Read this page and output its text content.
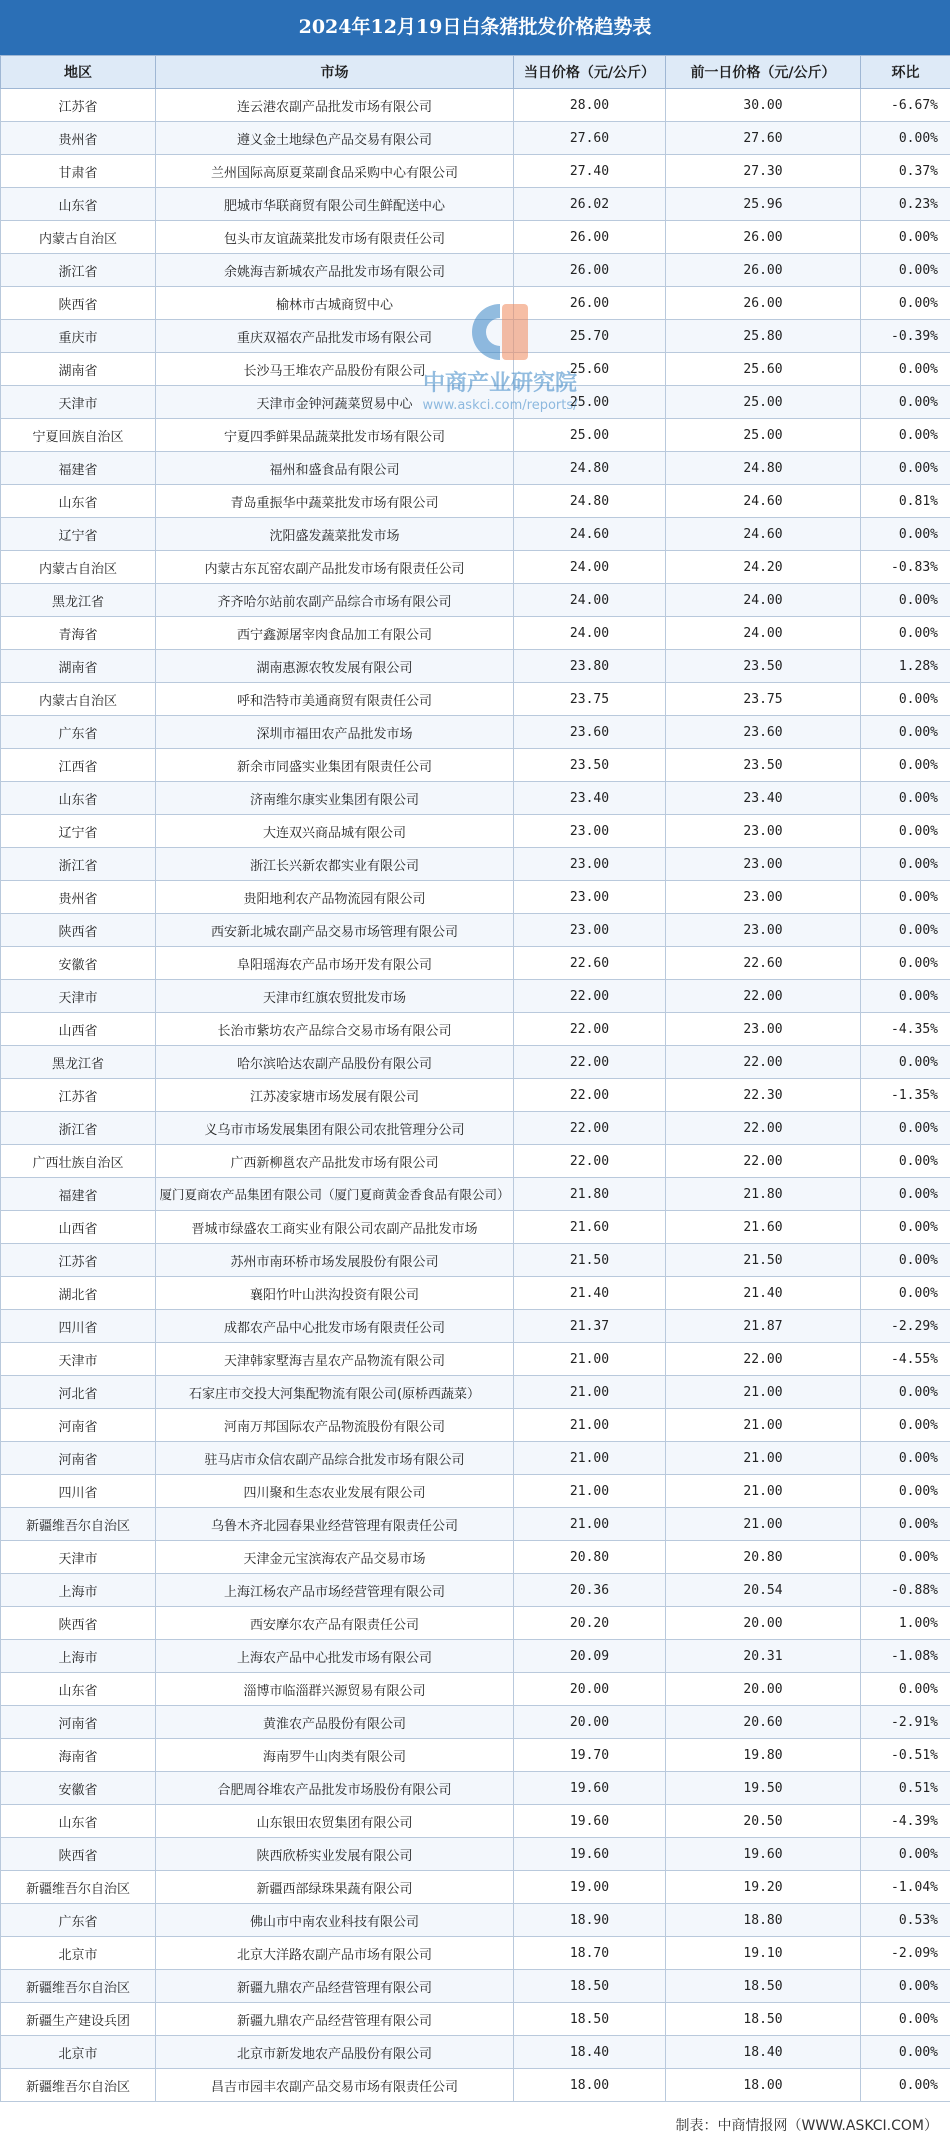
2024年12月19日白条猪批发价格趋势表
地区	市场	当日价格（元/公斤）	前一日价格（元/公斤）	环比
江苏省	连云港农副产品批发市场有限公司	28.00	30.00	-6.67%
贵州省	遵义金土地绿色产品交易有限公司	27.60	27.60	0.00%
甘肃省	兰州国际高原夏菜副食品采购中心有限公司	27.40	27.30	0.37%
山东省	肥城市华联商贸有限公司生鲜配送中心	26.02	25.96	0.23%
内蒙古自治区	包头市友谊蔬菜批发市场有限责任公司	26.00	26.00	0.00%
浙江省	余姚海吉新城农产品批发市场有限公司	26.00	26.00	0.00%
陕西省	榆林市古城商贸中心	26.00	26.00	0.00%
重庆市	重庆双福农产品批发市场有限公司	25.70	25.80	-0.39%
湖南省	长沙马王堆农产品股份有限公司	25.60	25.60	0.00%
天津市	天津市金钟河蔬菜贸易中心	25.00	25.00	0.00%
宁夏回族自治区	宁夏四季鲜果品蔬菜批发市场有限公司	25.00	25.00	0.00%
福建省	福州和盛食品有限公司	24.80	24.80	0.00%
山东省	青岛重振华中蔬菜批发市场有限公司	24.80	24.60	0.81%
辽宁省	沈阳盛发蔬菜批发市场	24.60	24.60	0.00%
内蒙古自治区	内蒙古东瓦窑农副产品批发市场有限责任公司	24.00	24.20	-0.83%
黑龙江省	齐齐哈尔站前农副产品综合市场有限公司	24.00	24.00	0.00%
青海省	西宁鑫源屠宰肉食品加工有限公司	24.00	24.00	0.00%
湖南省	湖南惠源农牧发展有限公司	23.80	23.50	1.28%
内蒙古自治区	呼和浩特市美通商贸有限责任公司	23.75	23.75	0.00%
广东省	深圳市福田农产品批发市场	23.60	23.60	0.00%
江西省	新余市同盛实业集团有限责任公司	23.50	23.50	0.00%
山东省	济南维尔康实业集团有限公司	23.40	23.40	0.00%
辽宁省	大连双兴商品城有限公司	23.00	23.00	0.00%
浙江省	浙江长兴新农都实业有限公司	23.00	23.00	0.00%
贵州省	贵阳地利农产品物流园有限公司	23.00	23.00	0.00%
陕西省	西安新北城农副产品交易市场管理有限公司	23.00	23.00	0.00%
安徽省	阜阳瑶海农产品市场开发有限公司	22.60	22.60	0.00%
天津市	天津市红旗农贸批发市场	22.00	22.00	0.00%
山西省	长治市紫坊农产品综合交易市场有限公司	22.00	23.00	-4.35%
黑龙江省	哈尔滨哈达农副产品股份有限公司	22.00	22.00	0.00%
江苏省	江苏凌家塘市场发展有限公司	22.00	22.30	-1.35%
浙江省	义乌市市场发展集团有限公司农批管理分公司	22.00	22.00	0.00%
广西壮族自治区	广西新柳邕农产品批发市场有限公司	22.00	22.00	0.00%
福建省	厦门夏商农产品集团有限公司（厦门夏商黄金香食品有限公司）	21.80	21.80	0.00%
山西省	晋城市绿盛农工商实业有限公司农副产品批发市场	21.60	21.60	0.00%
江苏省	苏州市南环桥市场发展股份有限公司	21.50	21.50	0.00%
湖北省	襄阳竹叶山洪沟投资有限公司	21.40	21.40	0.00%
四川省	成都农产品中心批发市场有限责任公司	21.37	21.87	-2.29%
天津市	天津韩家墅海吉星农产品物流有限公司	21.00	22.00	-4.55%
河北省	石家庄市交投大河集配物流有限公司(原桥西蔬菜）	21.00	21.00	0.00%
河南省	河南万邦国际农产品物流股份有限公司	21.00	21.00	0.00%
河南省	驻马店市众信农副产品综合批发市场有限公司	21.00	21.00	0.00%
四川省	四川聚和生态农业发展有限公司	21.00	21.00	0.00%
新疆维吾尔自治区	乌鲁木齐北园春果业经营管理有限责任公司	21.00	21.00	0.00%
天津市	天津金元宝滨海农产品交易市场	20.80	20.80	0.00%
上海市	上海江杨农产品市场经营管理有限公司	20.36	20.54	-0.88%
陕西省	西安摩尔农产品有限责任公司	20.20	20.00	1.00%
上海市	上海农产品中心批发市场有限公司	20.09	20.31	-1.08%
山东省	淄博市临淄群兴源贸易有限公司	20.00	20.00	0.00%
河南省	黄淮农产品股份有限公司	20.00	20.60	-2.91%
海南省	海南罗牛山肉类有限公司	19.70	19.80	-0.51%
安徽省	合肥周谷堆农产品批发市场股份有限公司	19.60	19.50	0.51%
山东省	山东银田农贸集团有限公司	19.60	20.50	-4.39%
陕西省	陕西欣桥实业发展有限公司	19.60	19.60	0.00%
新疆维吾尔自治区	新疆西部绿珠果蔬有限公司	19.00	19.20	-1.04%
广东省	佛山市中南农业科技有限公司	18.90	18.80	0.53%
北京市	北京大洋路农副产品市场有限公司	18.70	19.10	-2.09%
新疆维吾尔自治区	新疆九鼎农产品经营管理有限公司	18.50	18.50	0.00%
新疆生产建设兵团	新疆九鼎农产品经营管理有限公司	18.50	18.50	0.00%
北京市	北京市新发地农产品股份有限公司	18.40	18.40	0.00%
新疆维吾尔自治区	昌吉市园丰农副产品交易市场有限责任公司	18.00	18.00	0.00%
中商产业研究院
www.askci.com/reports/
制表：中商情报网（WWW.ASKCI.COM）
